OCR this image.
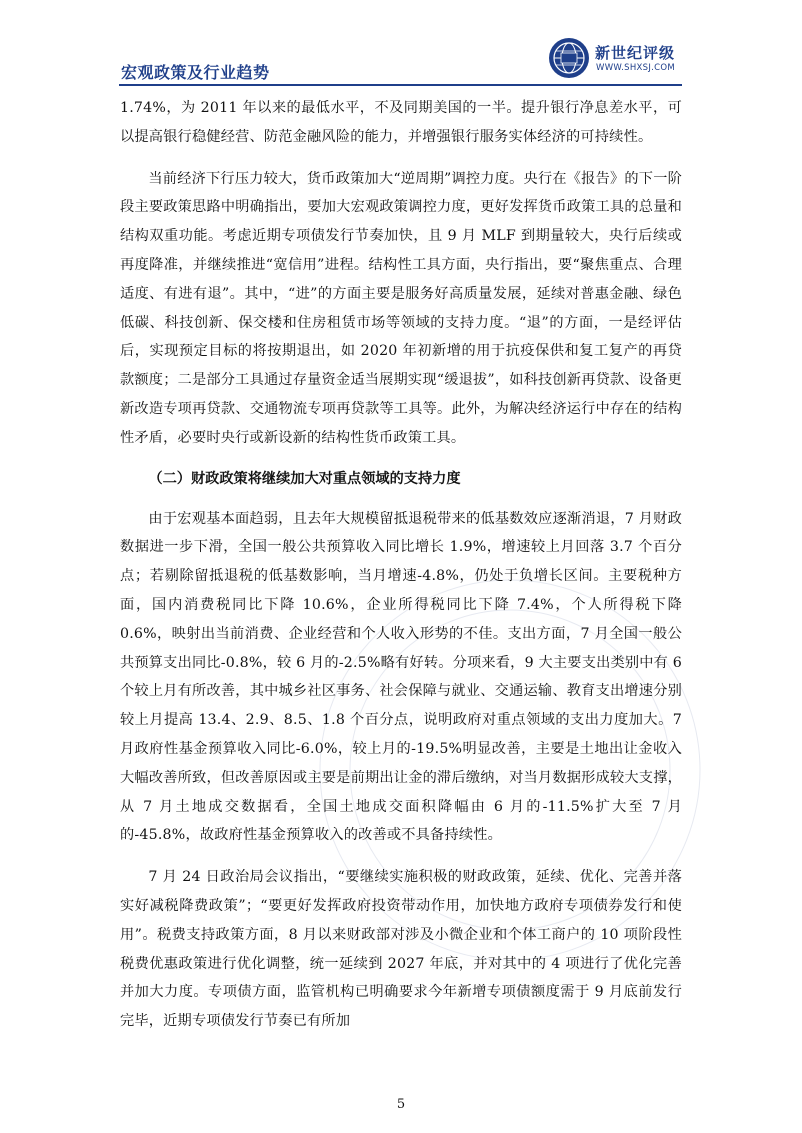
宏观政策及行业趋势
新世纪评级
WWW.SHXSJ.COM

1.74%，为 2011 年以来的最低水平，不及同期美国的一半。提升银行净息差水平，可以提高银行稳健经营、防范金融风险的能力，并增强银行服务实体经济的可持续性。

当前经济下行压力较大，货币政策加大“逆周期”调控力度。央行在《报告》的下一阶段主要政策思路中明确指出，要加大宏观政策调控力度，更好发挥货币政策工具的总量和结构双重功能。考虑近期专项债发行节奏加快，且 9 月 MLF 到期量较大，央行后续或再度降准，并继续推进“宽信用”进程。结构性工具方面，央行指出，要“聚焦重点、合理适度、有进有退”。其中，“进”的方面主要是服务好高质量发展，延续对普惠金融、绿色低碳、科技创新、保交楼和住房租赁市场等领域的支持力度。“退”的方面，一是经评估后，实现预定目标的将按期退出，如 2020 年初新增的用于抗疫保供和复工复产的再贷款额度；二是部分工具通过存量资金适当展期实现“缓退拔”，如科技创新再贷款、设备更新改造专项再贷款、交通物流专项再贷款等工具等。此外，为解决经济运行中存在的结构性矛盾，必要时央行或新设新的结构性货币政策工具。

（二）财政政策将继续加大对重点领域的支持力度

由于宏观基本面趋弱，且去年大规模留抵退税带来的低基数效应逐渐消退，7 月财政数据进一步下滑，全国一般公共预算收入同比增长 1.9%，增速较上月回落 3.7 个百分点；若剔除留抵退税的低基数影响，当月增速-4.8%，仍处于负增长区间。主要税种方面，国内消费税同比下降 10.6%，企业所得税同比下降 7.4%，个人所得税下降 0.6%，映射出当前消费、企业经营和个人收入形势的不佳。支出方面，7 月全国一般公共预算支出同比-0.8%，较 6 月的-2.5%略有好转。分项来看，9 大主要支出类别中有 6 个较上月有所改善，其中城乡社区事务、社会保障与就业、交通运输、教育支出增速分别较上月提高 13.4、2.9、8.5、1.8 个百分点，说明政府对重点领域的支出力度加大。7 月政府性基金预算收入同比-6.0%，较上月的-19.5%明显改善，主要是土地出让金收入大幅改善所致，但改善原因或主要是前期出让金的滞后缴纳，对当月数据形成较大支撑，从 7 月土地成交数据看，全国土地成交面积降幅由 6 月的-11.5%扩大至 7 月的-45.8%，故政府性基金预算收入的改善或不具备持续性。

7 月 24 日政治局会议指出，“要继续实施积极的财政政策，延续、优化、完善并落实好减税降费政策”；“要更好发挥政府投资带动作用，加快地方政府专项债券发行和使用”。税费支持政策方面，8 月以来财政部对涉及小微企业和个体工商户的 10 项阶段性税费优惠政策进行优化调整，统一延续到 2027 年底，并对其中的 4 项进行了优化完善并加大力度。专项债方面，监管机构已明确要求今年新增专项债额度需于 9 月底前发行完毕，近期专项债发行节奏已有所加

5
